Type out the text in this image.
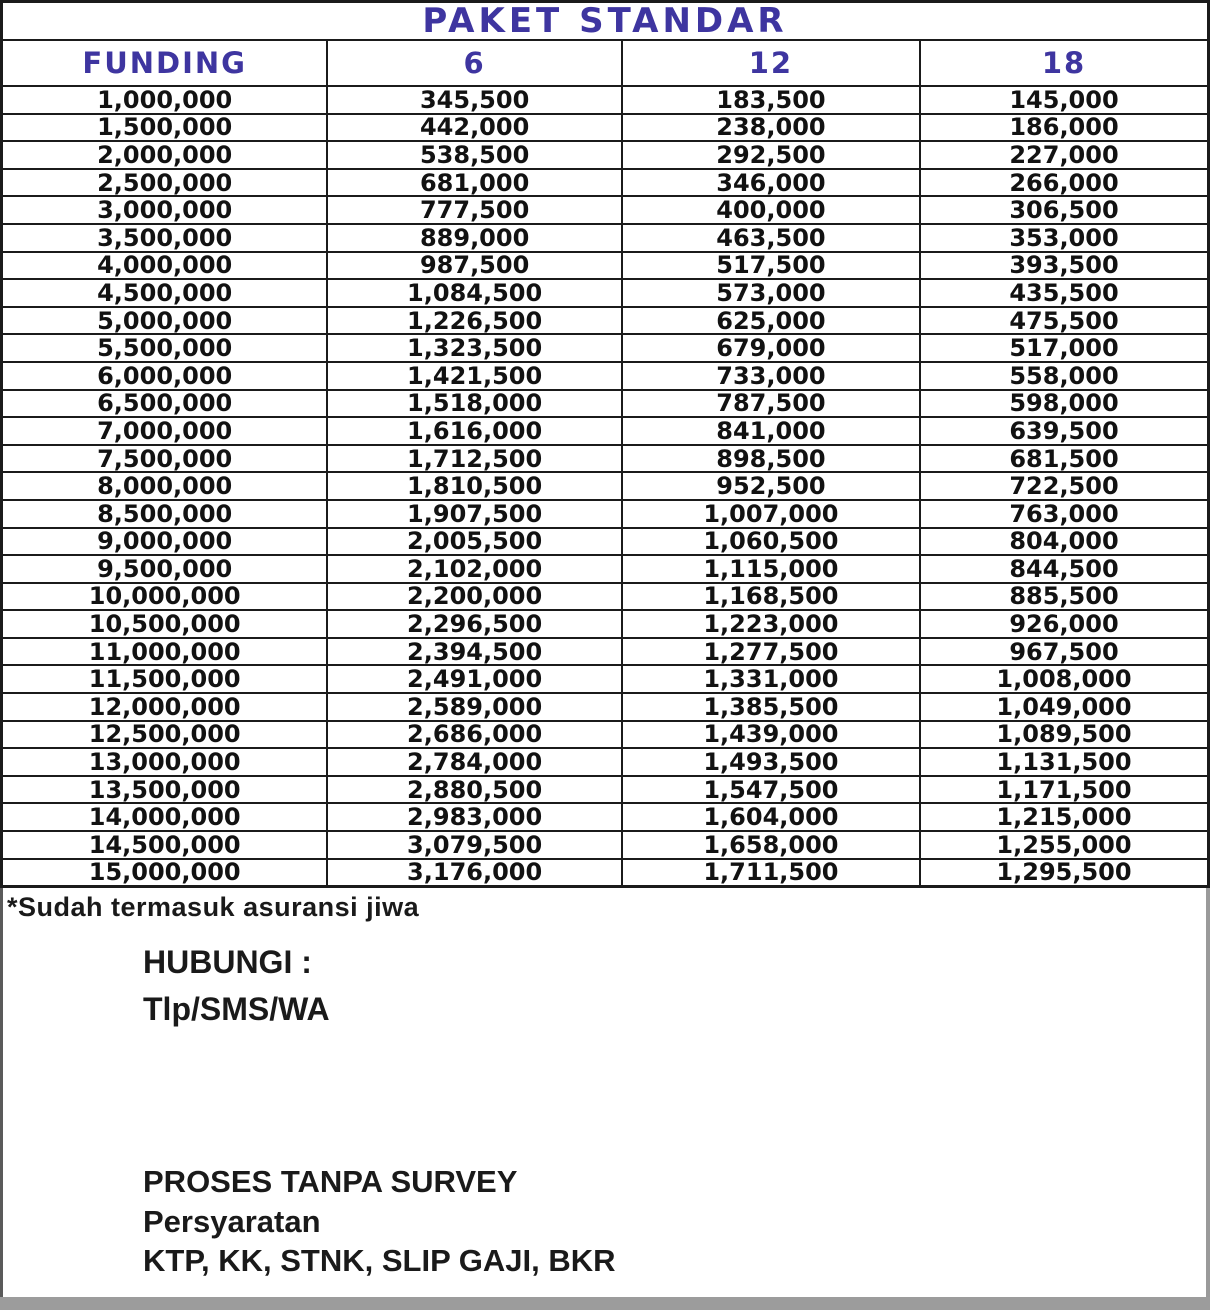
PAKET STANDAR			
FUNDING	6	12	18
1,000,000	345,500	183,500	145,000
1,500,000	442,000	238,000	186,000
2,000,000	538,500	292,500	227,000
2,500,000	681,000	346,000	266,000
3,000,000	777,500	400,000	306,500
3,500,000	889,000	463,500	353,000
4,000,000	987,500	517,500	393,500
4,500,000	1,084,500	573,000	435,500
5,000,000	1,226,500	625,000	475,500
5,500,000	1,323,500	679,000	517,000
6,000,000	1,421,500	733,000	558,000
6,500,000	1,518,000	787,500	598,000
7,000,000	1,616,000	841,000	639,500
7,500,000	1,712,500	898,500	681,500
8,000,000	1,810,500	952,500	722,500
8,500,000	1,907,500	1,007,000	763,000
9,000,000	2,005,500	1,060,500	804,000
9,500,000	2,102,000	1,115,000	844,500
10,000,000	2,200,000	1,168,500	885,500
10,500,000	2,296,500	1,223,000	926,000
11,000,000	2,394,500	1,277,500	967,500
11,500,000	2,491,000	1,331,000	1,008,000
12,000,000	2,589,000	1,385,500	1,049,000
12,500,000	2,686,000	1,439,000	1,089,500
13,000,000	2,784,000	1,493,500	1,131,500
13,500,000	2,880,500	1,547,500	1,171,500
14,000,000	2,983,000	1,604,000	1,215,000
14,500,000	3,079,500	1,658,000	1,255,000
15,000,000	3,176,000	1,711,500	1,295,500
*Sudah termasuk asuransi jiwa
HUBUNGI :
Tlp/SMS/WA
PROSES TANPA SURVEY
Persyaratan
KTP, KK, STNK, SLIP GAJI, BKR
